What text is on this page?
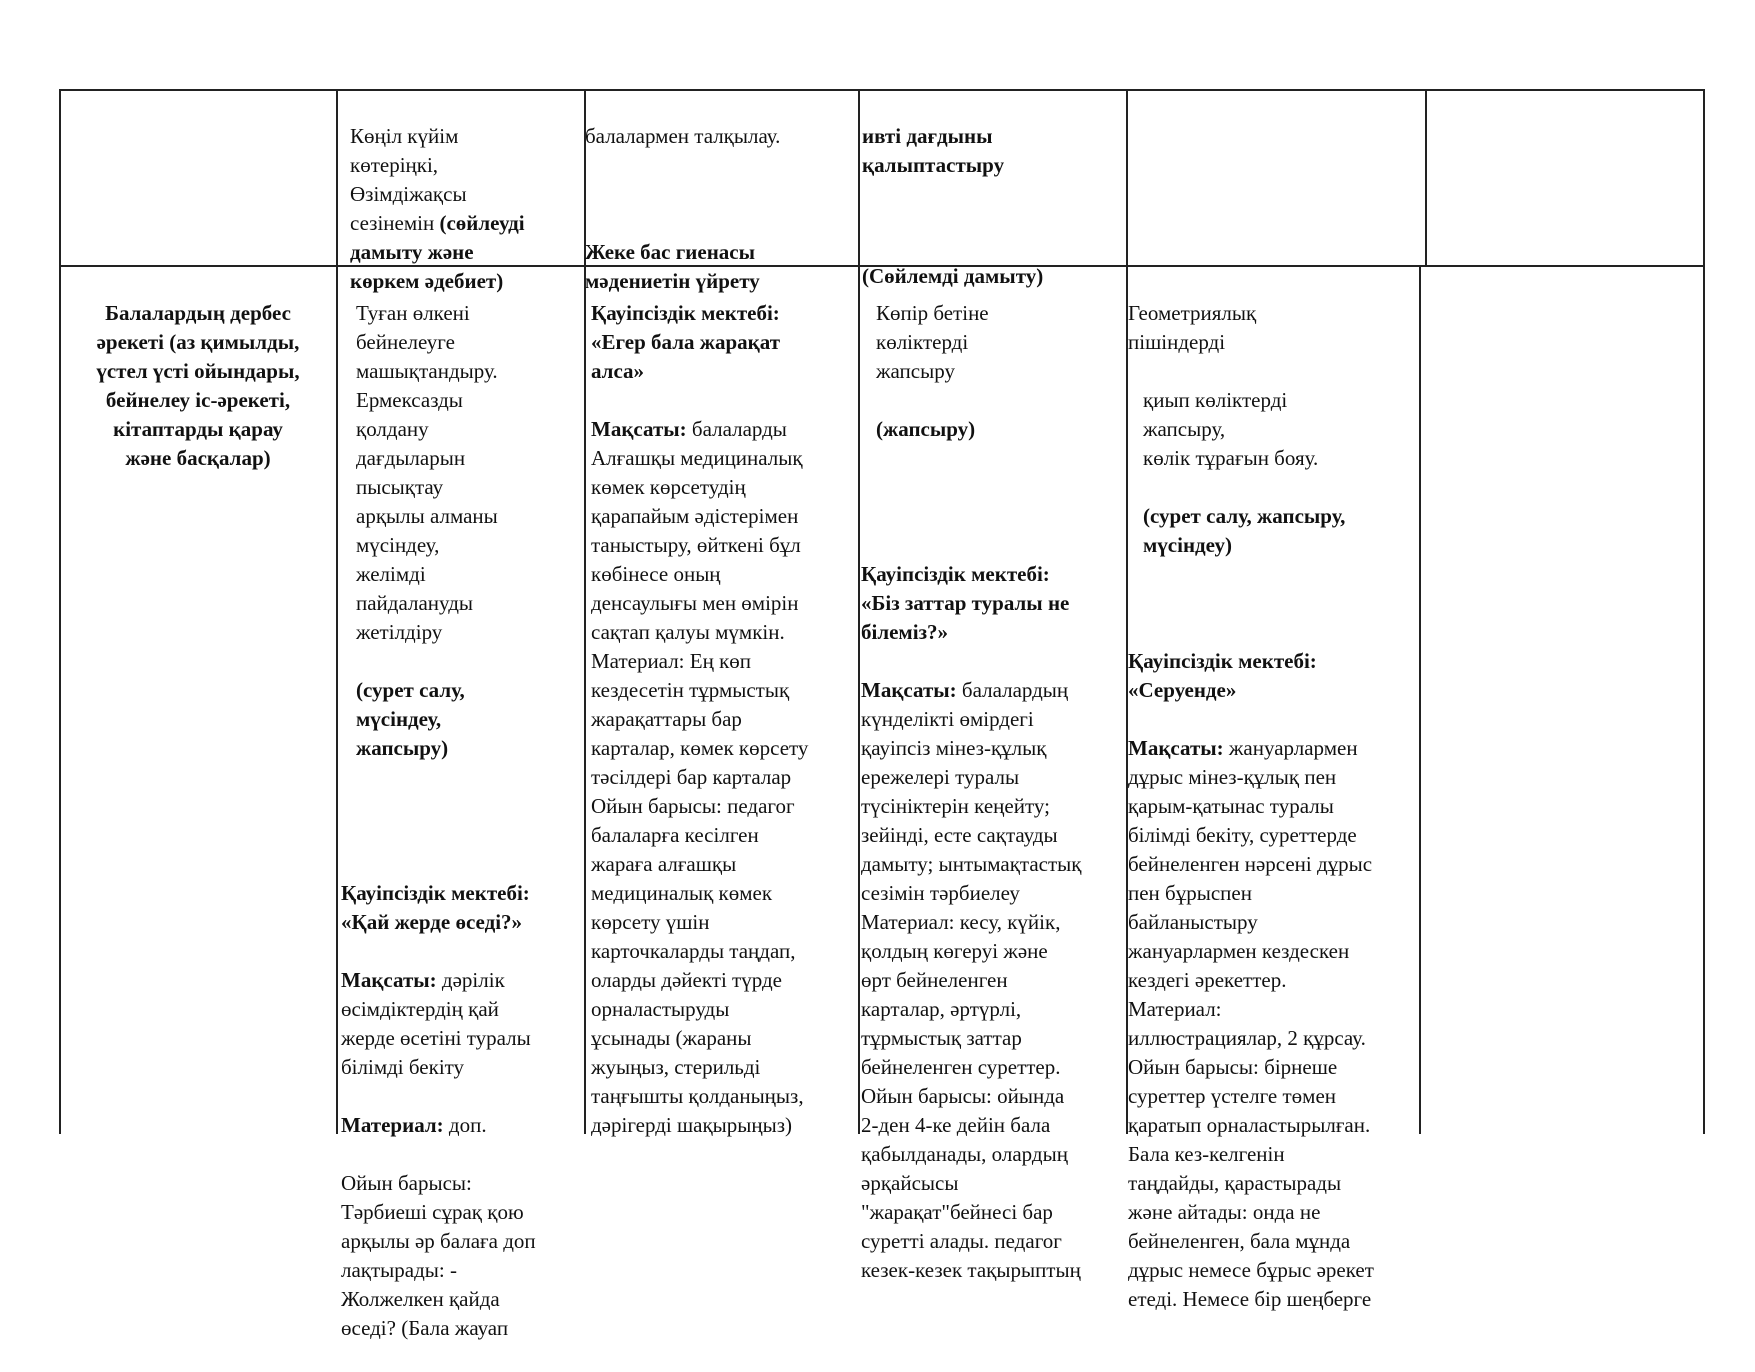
Көңіл күйім
көтеріңкі,
Өзімдіжақсы
сезінемін (сөйлеуді
дамыту және
көркем әдебиет)

балалармен талқылау.

Жеке бас гиенасы
мәдениетін үйрету

ивті дағдыны
қалыптастыру

(Сөйлемді дамыту)

Балалардың дербес
әрекеті (аз қимылды,
үстел үсті ойындары,
бейнелеу іс-әрекеті,
кітаптарды қарау
және басқалар)

Туған өлкені
бейнелеуге
машықтандыру.
Ермексазды
қолдану
дағдыларын
пысықтау
арқылы алманы
мүсіндеу,
желімді
пайдалануды
жетілдіру

(сурет салу,
мүсіндеу,
жапсыру)

Қауіпсіздік мектебі:
«Қай жерде өседі?»

Мақсаты: дәрілік
өсімдіктердің қай
жерде өсетіні туралы
білімді бекіту

Материал: доп.

Ойын барысы:
Тәрбиеші сұрақ қою
арқылы әр балаға доп
лақтырады: -
Жолжелкен қайда
өседі? (Бала жауап

Қауіпсіздік мектебі:
«Егер бала жарақат
алса»

Мақсаты: балаларды
Алғашқы медициналық
көмек көрсетудің
қарапайым әдістерімен
таныстыру, өйткені бұл
көбінесе оның
денсаулығы мен өмірін
сақтап қалуы мүмкін.
Материал: Ең көп
кездесетін тұрмыстық
жарақаттары бар
карталар, көмек көрсету
тәсілдері бар карталар
Ойын барысы: педагог
балаларға кесілген
жараға алғашқы
медициналық көмек
көрсету үшін
карточкаларды таңдап,
оларды дәйекті түрде
орналастыруды
ұсынады (жараны
жуыңыз, стерильді
таңғышты қолданыңыз,
дәрігерді шақырыңыз)

Көпір бетіне
көліктерді
жапсыру

(жапсыру)

Қауіпсіздік мектебі:
«Біз заттар туралы не
білеміз?»

Мақсаты: балалардың
күнделікті өмірдегі
қауіпсіз мінез-құлық
ережелері туралы
түсініктерін кеңейту;
зейінді, есте сақтауды
дамыту; ынтымақтастық
сезімін тәрбиелеу
Материал: кесу, күйік,
қолдың көгеруі және
өрт бейнеленген
карталар, әртүрлі,
тұрмыстық заттар
бейнеленген суреттер.
Ойын барысы: ойында
2-ден 4-ке дейін бала
қабылданады, олардың
әрқайсысы
"жарақат"бейнесі бар
суретті алады. педагог
кезек-кезек тақырыптың

Геометриялық
пішіндерді

қиып көліктерді
жапсыру,
көлік тұрағын бояу.

(сурет салу, жапсыру,
мүсіндеу)

Қауіпсіздік мектебі:
«Серуенде»

Мақсаты: жануарлармен
дұрыс мінез-құлық пен
қарым-қатынас туралы
білімді бекіту, суреттерде
бейнеленген нәрсені дұрыс
пен бұрыспен
байланыстыру
жануарлармен кездескен
кездегі әрекеттер.
Материал:
иллюстрациялар, 2 құрсау.
Ойын барысы: бірнеше
суреттер үстелге төмен
қаратып орналастырылған.
Бала кез-келгенін
таңдайды, қарастырады
және айтады: онда не
бейнеленген, бала мұнда
дұрыс немесе бұрыс әрекет
етеді. Немесе бір шеңберге
